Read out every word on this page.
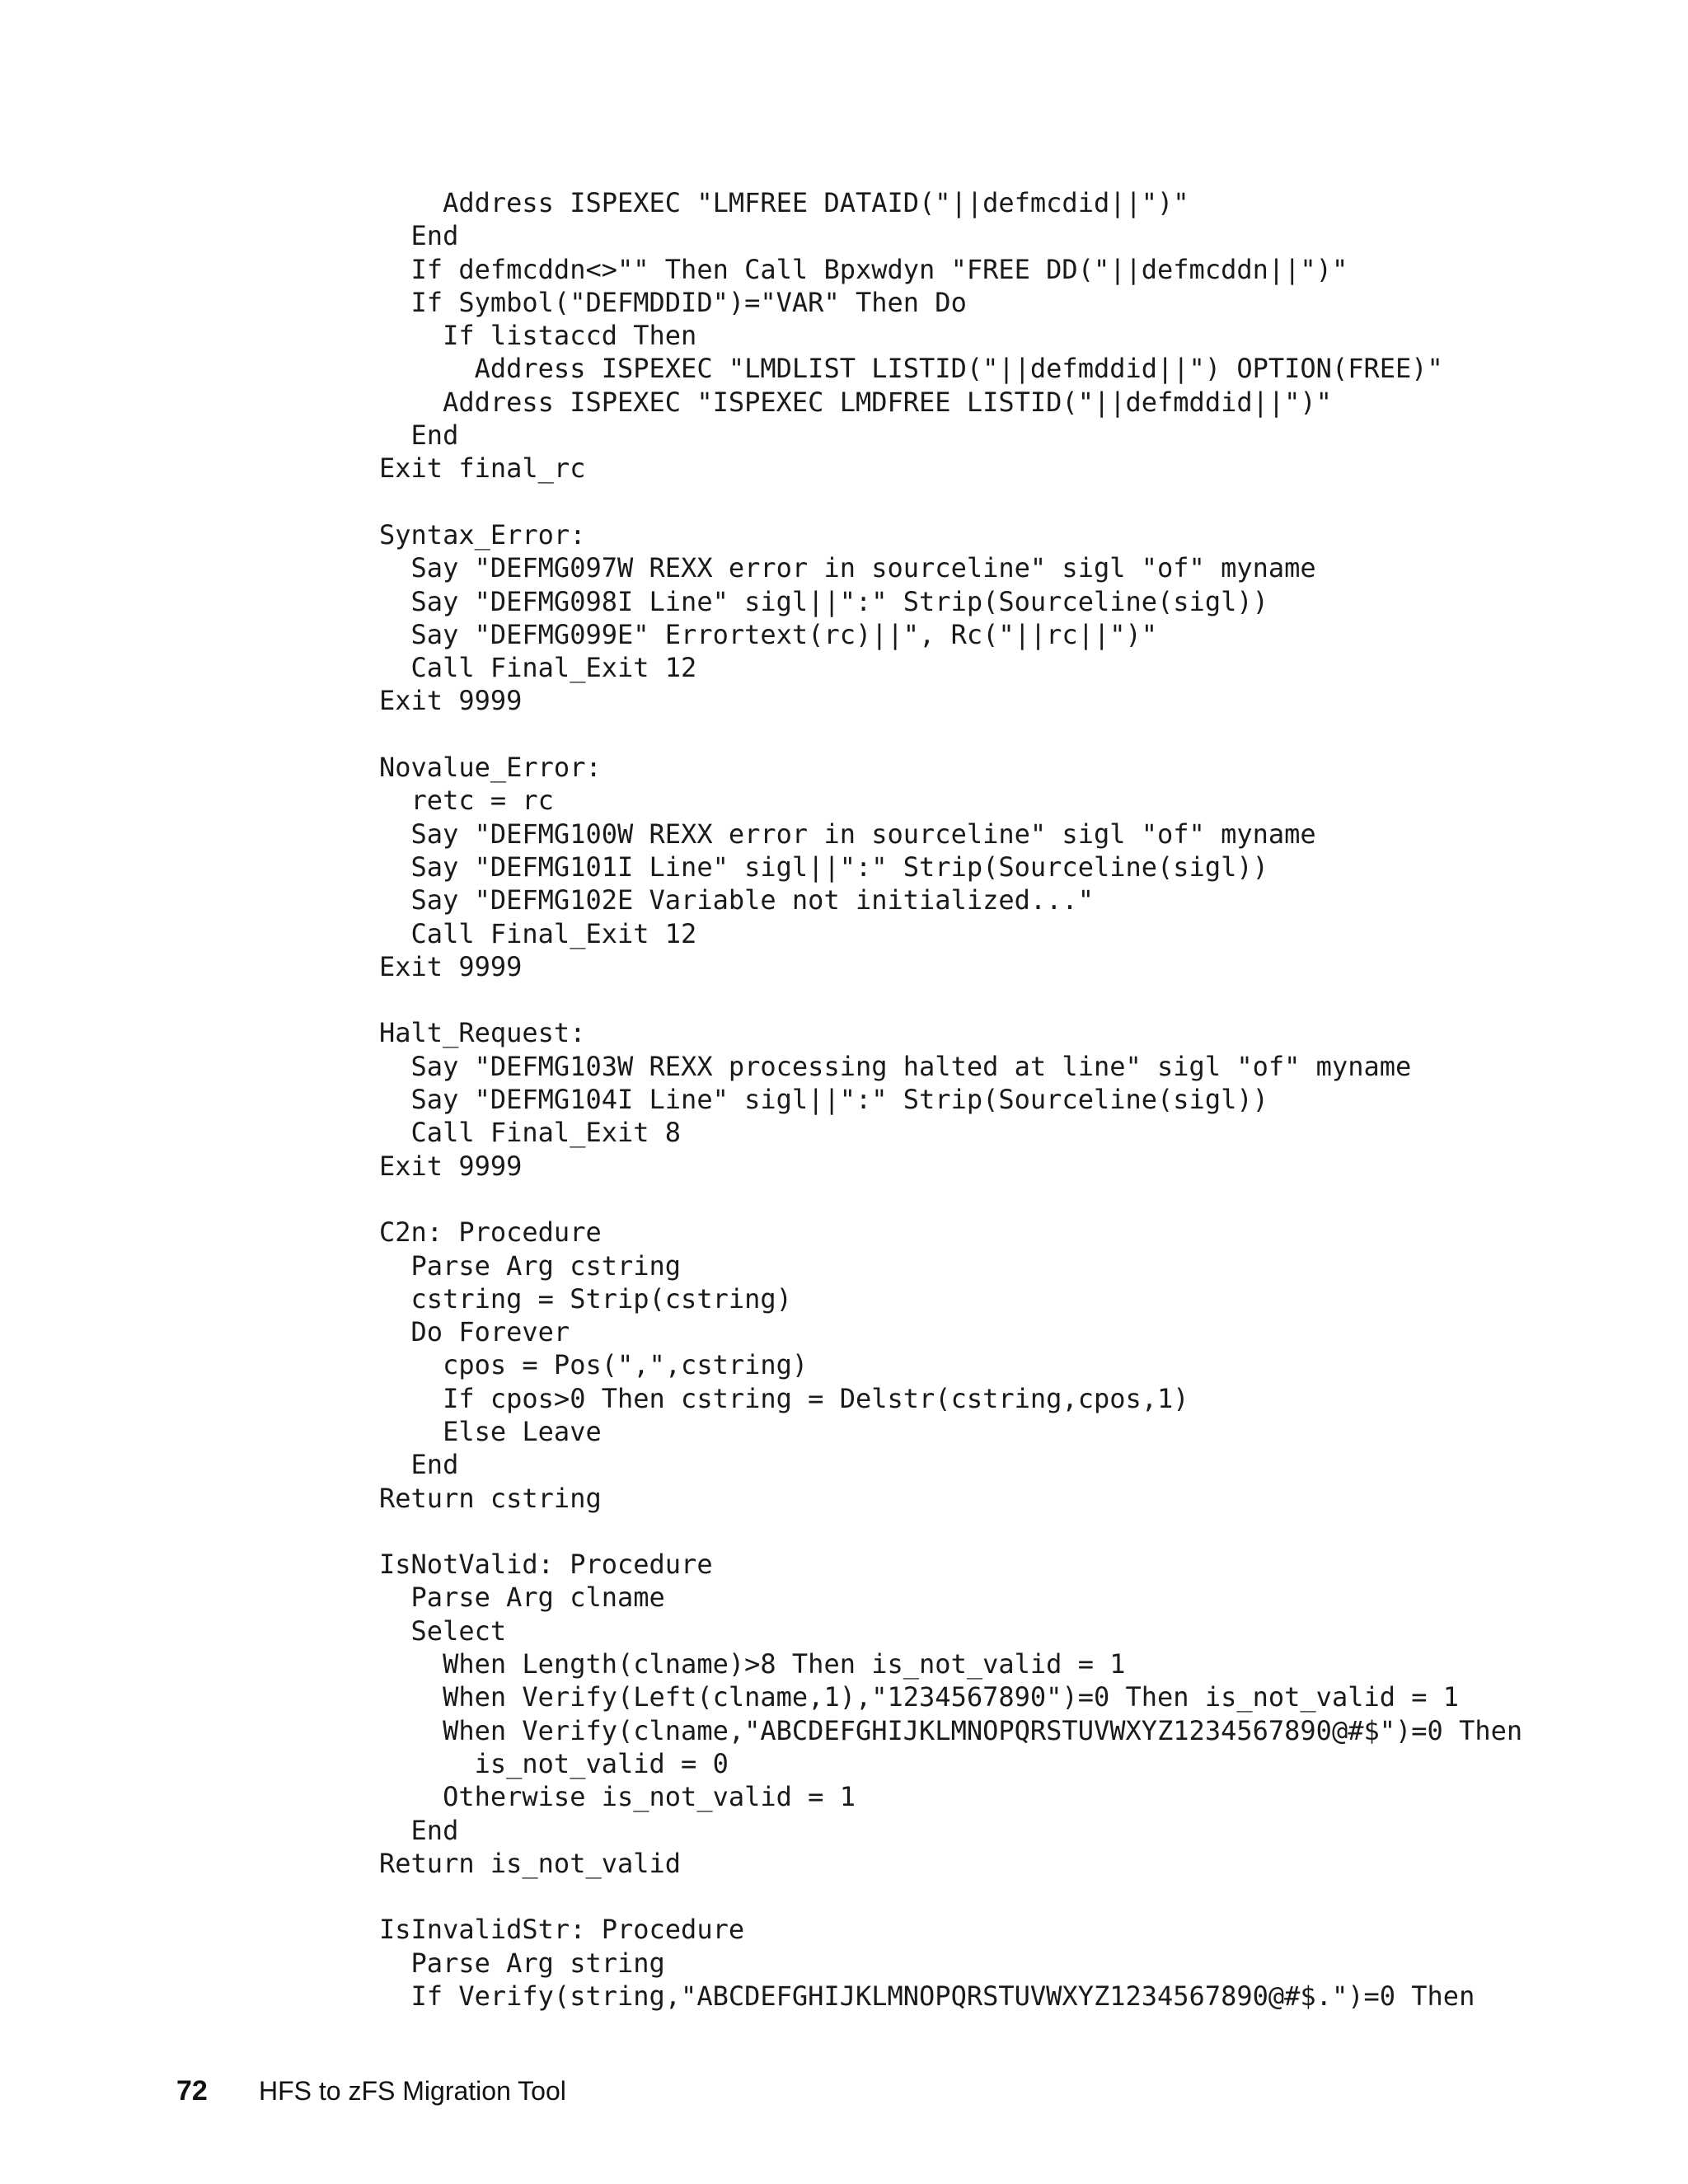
Address ISPEXEC "LMFREE DATAID("||defmcdid||")"
End
If defmcddn<>"" Then Call Bpxwdyn "FREE DD("||defmcddn||")"
If Symbol("DEFMDDID")="VAR" Then Do
If listaccd Then
Address ISPEXEC "LMDLIST LISTID("||defmddid||") OPTION(FREE)"
Address ISPEXEC "ISPEXEC LMDFREE LISTID("||defmddid||")"
End
Exit final_rc
Syntax_Error:
Say "DEFMG097W REXX error in sourceline" sigl "of" myname
Say "DEFMG098I Line" sigl||":" Strip(Sourceline(sigl))
Say "DEFMG099E" Errortext(rc)||", Rc("||rc||")"
Call Final_Exit 12
Exit 9999
Novalue_Error:
retc = rc
Say "DEFMG100W REXX error in sourceline" sigl "of" myname
Say "DEFMG101I Line" sigl||":" Strip(Sourceline(sigl))
Say "DEFMG102E Variable not initialized..."
Call Final_Exit 12
Exit 9999
Halt_Request:
Say "DEFMG103W REXX processing halted at line" sigl "of" myname
Say "DEFMG104I Line" sigl||":" Strip(Sourceline(sigl))
Call Final_Exit 8
Exit 9999
C2n: Procedure
Parse Arg cstring
cstring = Strip(cstring)
Do Forever
cpos = Pos(",",cstring)
If cpos>0 Then cstring = Delstr(cstring,cpos,1)
Else Leave
End
Return cstring
IsNotValid: Procedure
Parse Arg clname
Select
When Length(clname)>8 Then is_not_valid = 1
When Verify(Left(clname,1),"1234567890")=0 Then is_not_valid = 1
When Verify(clname,"ABCDEFGHIJKLMNOPQRSTUVWXYZ1234567890@#$")=0 Then
is_not_valid = 0
Otherwise is_not_valid = 1
End
Return is_not_valid
IsInvalidStr: Procedure
Parse Arg string
If Verify(string,"ABCDEFGHIJKLMNOPQRSTUVWXYZ1234567890@#$.")=0 Then
72	HFS to zFS Migration Tool
